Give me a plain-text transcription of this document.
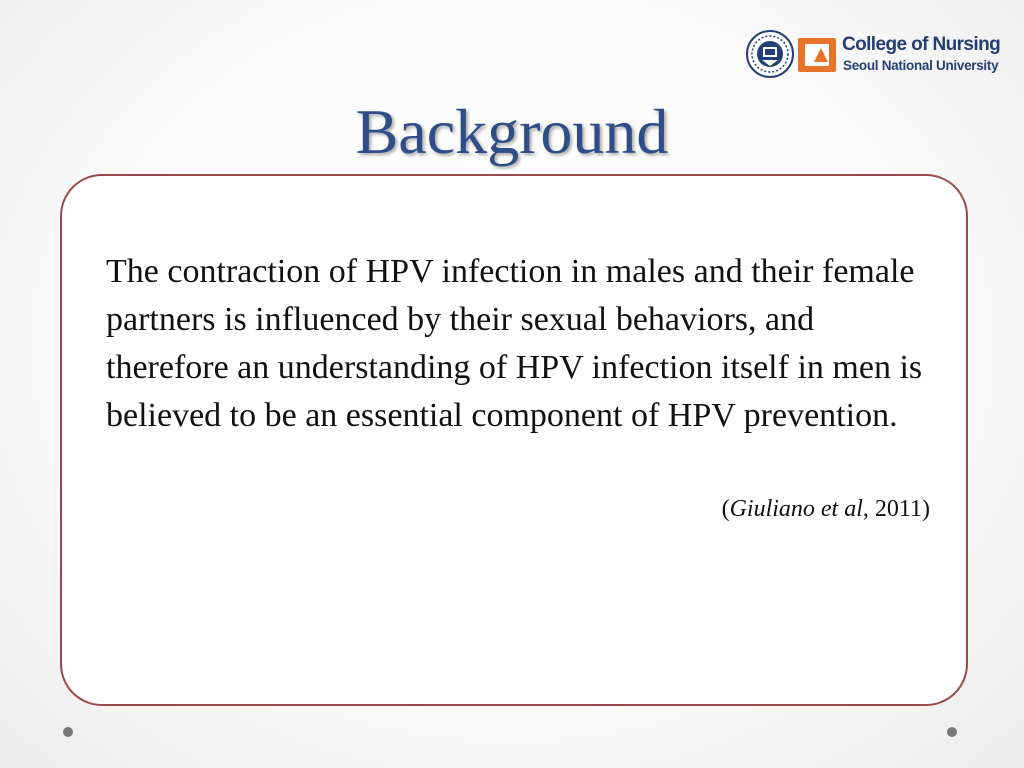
College of Nursing
Seoul National University
Background

The contraction of HPV infection in males and their female partners is influenced by their sexual behaviors, and therefore an understanding of HPV infection itself in men is believed to be an essential component of HPV prevention.

(Giuliano et al, 2011)
